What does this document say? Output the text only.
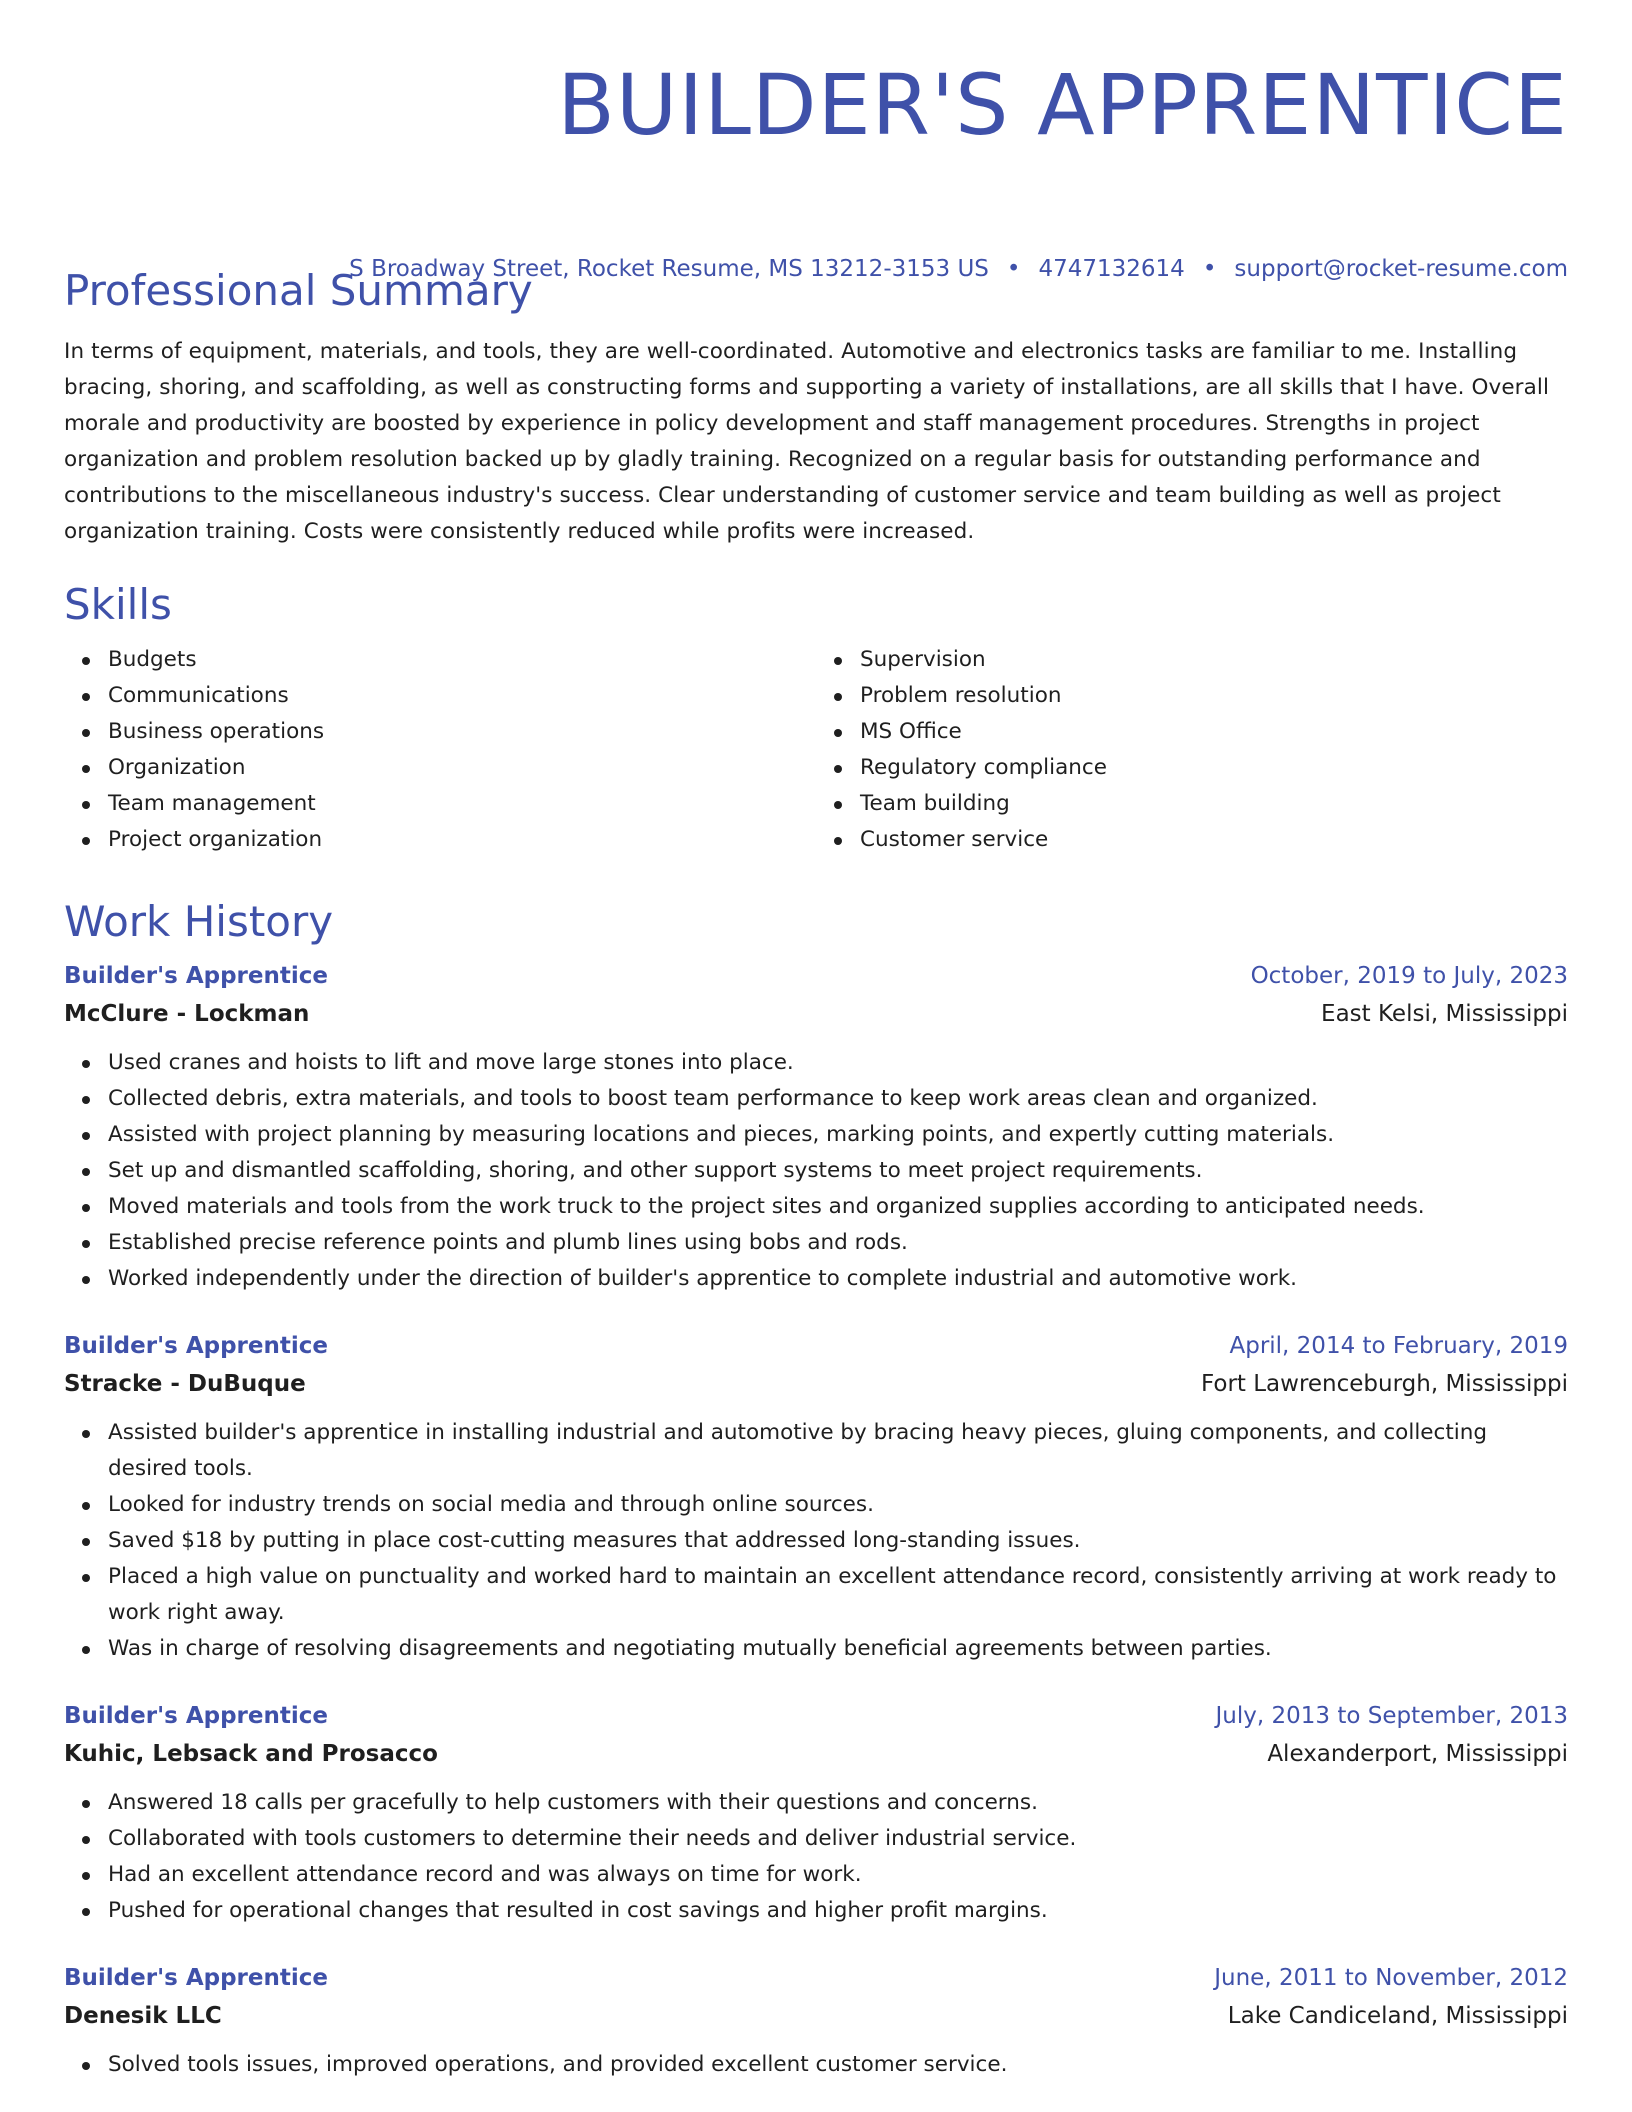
BUILDER'S APPRENTICE
S Broadway Street, Rocket Resume, MS 13212-3153 US • 4747132614 • support@rocket-resume.com
Professional Summary

In terms of equipment, materials, and tools, they are well-coordinated. Automotive and electronics tasks are familiar to me. Installing bracing, shoring, and scaffolding, as well as constructing forms and supporting a variety of installations, are all skills that I have. Overall morale and productivity are boosted by experience in policy development and staff management procedures. Strengths in project organization and problem resolution backed up by gladly training. Recognized on a regular basis for outstanding performance and contributions to the miscellaneous industry's success. Clear understanding of customer service and team building as well as project organization training. Costs were consistently reduced while profits were increased.

Skills
Budgets
Communications
Business operations
Organization
Team management
Project organization
Supervision
Problem resolution
MS Office
Regulatory compliance
Team building
Customer service
Work History
Builder's Apprentice	October, 2019 to July, 2023
McClure - Lockman	East Kelsi, Mississippi
Used cranes and hoists to lift and move large stones into place.
Collected debris, extra materials, and tools to boost team performance to keep work areas clean and organized.
Assisted with project planning by measuring locations and pieces, marking points, and expertly cutting materials.
Set up and dismantled scaffolding, shoring, and other support systems to meet project requirements.
Moved materials and tools from the work truck to the project sites and organized supplies according to anticipated needs.
Established precise reference points and plumb lines using bobs and rods.
Worked independently under the direction of builder's apprentice to complete industrial and automotive work.
Builder's Apprentice	April, 2014 to February, 2019
Stracke - DuBuque	Fort Lawrenceburgh, Mississippi
Assisted builder's apprentice in installing industrial and automotive by bracing heavy pieces, gluing components, and collecting desired tools.
Looked for industry trends on social media and through online sources.
Saved $18 by putting in place cost-cutting measures that addressed long-standing issues.
Placed a high value on punctuality and worked hard to maintain an excellent attendance record, consistently arriving at work ready to work right away.
Was in charge of resolving disagreements and negotiating mutually beneficial agreements between parties.
Builder's Apprentice	July, 2013 to September, 2013
Kuhic, Lebsack and Prosacco	Alexanderport, Mississippi
Answered 18 calls per gracefully to help customers with their questions and concerns.
Collaborated with tools customers to determine their needs and deliver industrial service.
Had an excellent attendance record and was always on time for work.
Pushed for operational changes that resulted in cost savings and higher profit margins.
Builder's Apprentice	June, 2011 to November, 2012
Denesik LLC	Lake Candiceland, Mississippi
Solved tools issues, improved operations, and provided excellent customer service.
